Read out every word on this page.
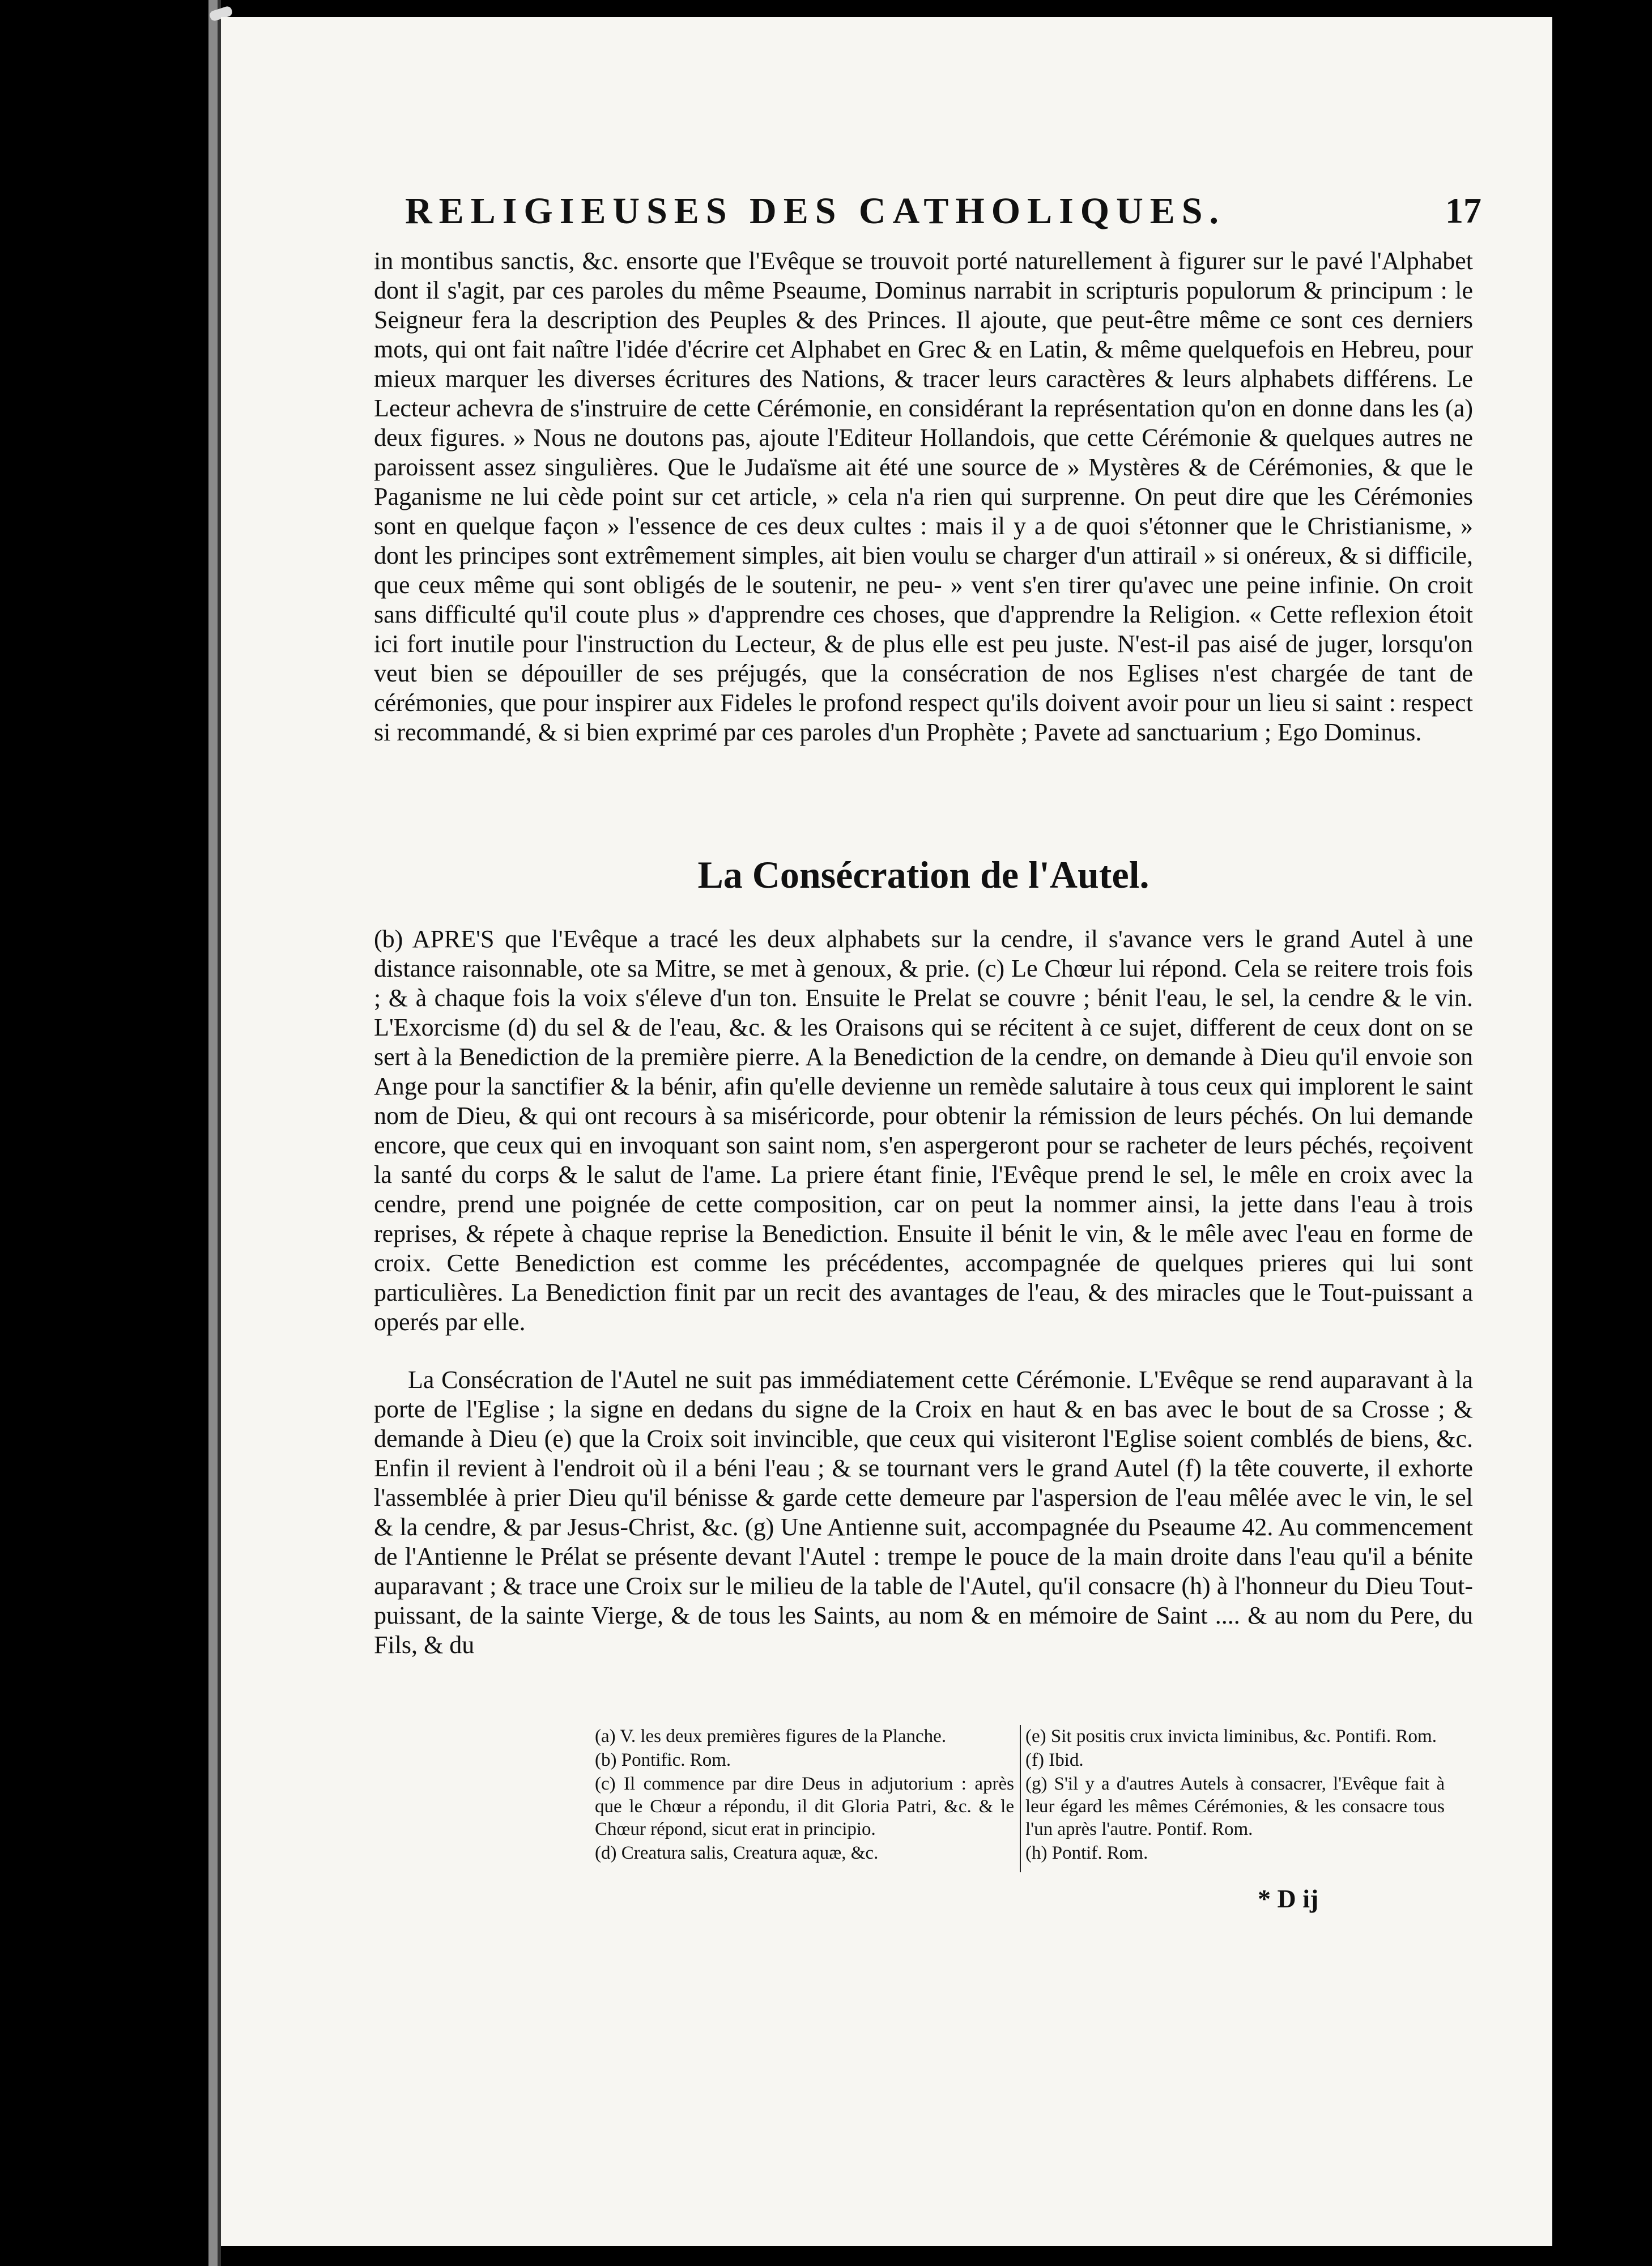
RELIGIEUSES DES CATHOLIQUES.	17

in montibus sanctis, &c. ensorte que l'Evêque se trouvoit porté naturellement à figurer sur le pavé l'Alphabet dont il s'agit, par ces paroles du même Pseaume, Dominus narrabit in scripturis populorum & principum : le Seigneur fera la description des Peuples & des Princes. Il ajoute, que peut-être même ce sont ces derniers mots, qui ont fait naître l'idée d'écrire cet Alphabet en Grec & en Latin, & même quelquefois en Hebreu, pour mieux marquer les diverses écritures des Nations, & tracer leurs caractères & leurs alphabets différens. Le Lecteur achevra de s'instruire de cette Cérémonie, en considérant la représentation qu'on en donne dans les (a) deux figures. » Nous ne doutons pas, ajoute l'Editeur Hollandois, que cette Cérémonie & quelques autres ne paroissent assez singulières. Que le Judaïsme ait été une source de » Mystères & de Cérémonies, & que le Paganisme ne lui cède point sur cet article, » cela n'a rien qui surprenne. On peut dire que les Cérémonies sont en quelque façon » l'essence de ces deux cultes : mais il y a de quoi s'étonner que le Christianisme, » dont les principes sont extrêmement simples, ait bien voulu se charger d'un attirail » si onéreux, & si difficile, que ceux même qui sont obligés de le soutenir, ne peu- » vent s'en tirer qu'avec une peine infinie. On croit sans difficulté qu'il coute plus » d'apprendre ces choses, que d'apprendre la Religion. « Cette reflexion étoit ici fort inutile pour l'instruction du Lecteur, & de plus elle est peu juste. N'est-il pas aisé de juger, lorsqu'on veut bien se dépouiller de ses préjugés, que la consécration de nos Eglises n'est chargée de tant de cérémonies, que pour inspirer aux Fideles le profond respect qu'ils doivent avoir pour un lieu si saint : respect si recommandé, & si bien exprimé par ces paroles d'un Prophète ; Pavete ad sanctuarium ; Ego Dominus.

La Consécration de l'Autel.

(b) APRE'S que l'Evêque a tracé les deux alphabets sur la cendre, il s'avance vers le grand Autel à une distance raisonnable, ote sa Mitre, se met à genoux, & prie. (c) Le Chœur lui répond. Cela se reitere trois fois ; & à chaque fois la voix s'éleve d'un ton. Ensuite le Prelat se couvre ; bénit l'eau, le sel, la cendre & le vin. L'Exorcisme (d) du sel & de l'eau, &c. & les Oraisons qui se récitent à ce sujet, different de ceux dont on se sert à la Benediction de la première pierre. A la Benediction de la cendre, on demande à Dieu qu'il envoie son Ange pour la sanctifier & la bénir, afin qu'elle devienne un remède salutaire à tous ceux qui implorent le saint nom de Dieu, & qui ont recours à sa miséricorde, pour obtenir la rémission de leurs péchés. On lui demande encore, que ceux qui en invoquant son saint nom, s'en aspergeront pour se racheter de leurs péchés, reçoivent la santé du corps & le salut de l'ame. La priere étant finie, l'Evêque prend le sel, le mêle en croix avec la cendre, prend une poignée de cette composition, car on peut la nommer ainsi, la jette dans l'eau à trois reprises, & répete à chaque reprise la Benediction. Ensuite il bénit le vin, & le mêle avec l'eau en forme de croix. Cette Benediction est comme les précédentes, accompagnée de quelques prieres qui lui sont particulières. La Benediction finit par un recit des avantages de l'eau, & des miracles que le Tout-puissant a operés par elle.

La Consécration de l'Autel ne suit pas immédiatement cette Cérémonie. L'Evêque se rend auparavant à la porte de l'Eglise ; la signe en dedans du signe de la Croix en haut & en bas avec le bout de sa Crosse ; & demande à Dieu (e) que la Croix soit invincible, que ceux qui visiteront l'Eglise soient comblés de biens, &c. Enfin il revient à l'endroit où il a béni l'eau ; & se tournant vers le grand Autel (f) la tête couverte, il exhorte l'assemblée à prier Dieu qu'il bénisse & garde cette demeure par l'aspersion de l'eau mêlée avec le vin, le sel & la cendre, & par Jesus-Christ, &c. (g) Une Antienne suit, accompagnée du Pseaume 42. Au commencement de l'Antienne le Prélat se présente devant l'Autel : trempe le pouce de la main droite dans l'eau qu'il a bénite auparavant ; & trace une Croix sur le milieu de la table de l'Autel, qu'il consacre (h) à l'honneur du Dieu Tout-puissant, de la sainte Vierge, & de tous les Saints, au nom & en mémoire de Saint .... & au nom du Pere, du Fils, & du

(a) V. les deux premières figures de la Planche.

(b) Pontific. Rom.

(c) Il commence par dire Deus in adjutorium : après que le Chœur a répondu, il dit Gloria Patri, &c. & le Chœur répond, sicut erat in principio.

(d) Creatura salis, Creatura aquæ, &c.

(e) Sit positis crux invicta liminibus, &c. Pontifi. Rom.

(f) Ibid.

(g) S'il y a d'autres Autels à consacrer, l'Evêque fait à leur égard les mêmes Cérémonies, & les consacre tous l'un après l'autre. Pontif. Rom.

(h) Pontif. Rom.

* D ij
